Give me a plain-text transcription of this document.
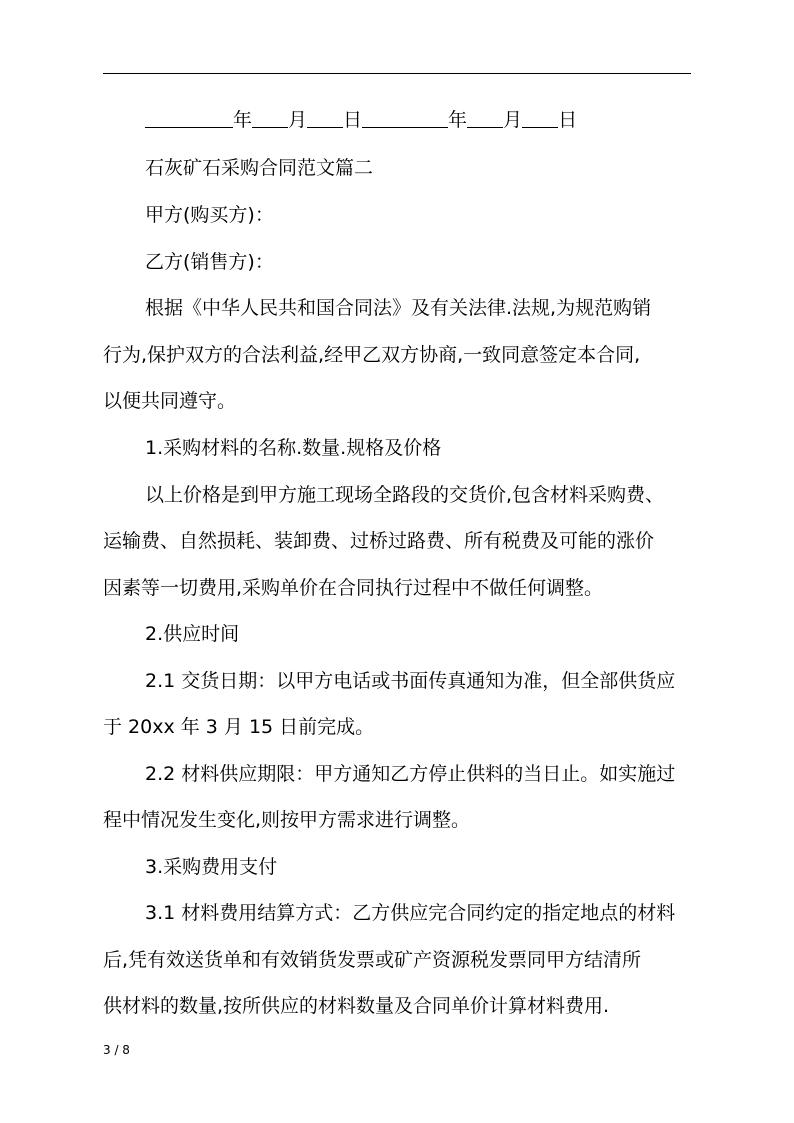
年 月 日	年 月 日
石灰矿石采购合同范文篇二
甲方(购买方)：
乙方(销售方)：
根据《中华人民共和国合同法》及有关法律.法规,为规范购销
行为,保护双方的合法利益,经甲乙双方协商,一致同意签定本合同,
以便共同遵守。
1.采购材料的名称.数量.规格及价格
以上价格是到甲方施工现场全路段的交货价,包含材料采购费、
运输费、自然损耗、装卸费、过桥过路费、所有税费及可能的涨价
因素等一切费用,采购单价在合同执行过程中不做任何调整。
2.供应时间
2.1 交货日期：以甲方电话或书面传真通知为准，但全部供货应
于 20xx 年 3 月 15 日前完成。
2.2 材料供应期限：甲方通知乙方停止供料的当日止。如实施过
程中情况发生变化,则按甲方需求进行调整。
3.采购费用支付
3.1 材料费用结算方式：乙方供应完合同约定的指定地点的材料
后,凭有效送货单和有效销货发票或矿产资源税发票同甲方结清所
供材料的数量,按所供应的材料数量及合同单价计算材料费用.
3 / 8
